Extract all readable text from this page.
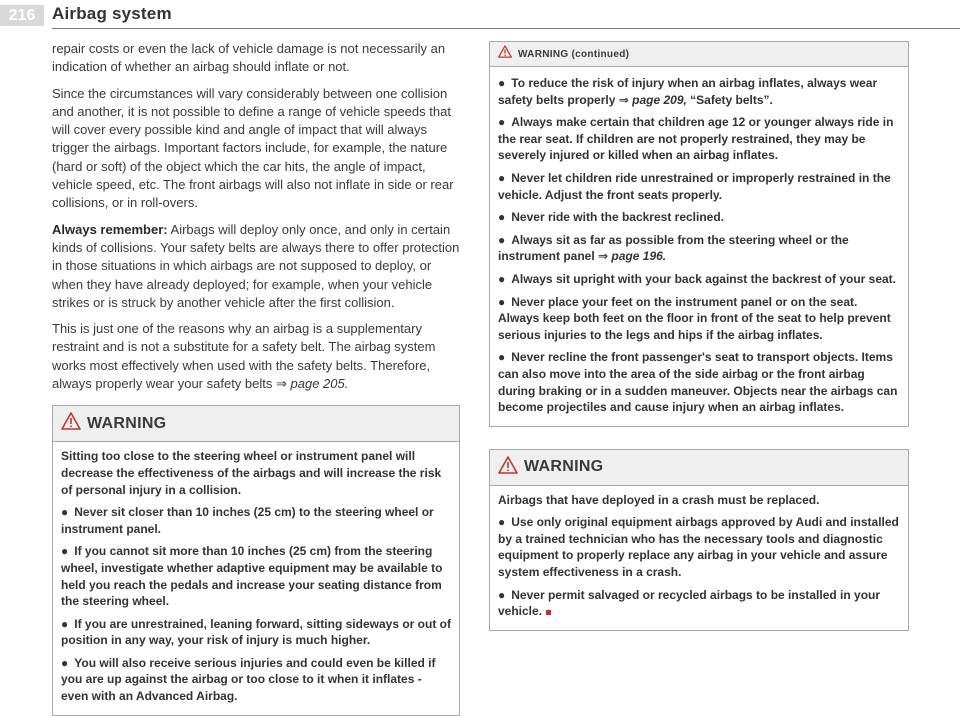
216 Airbag system

repair costs or even the lack of vehicle damage is not necessarily an indication of whether an airbag should inflate or not.

Since the circumstances will vary considerably between one collision and another, it is not possible to define a range of vehicle speeds that will cover every possible kind and angle of impact that will always trigger the airbags. Important factors include, for example, the nature (hard or soft) of the object which the car hits, the angle of impact, vehicle speed, etc. The front airbags will also not inflate in side or rear collisions, or in roll-overs.

Always remember: Airbags will deploy only once, and only in certain kinds of collisions. Your safety belts are always there to offer protection in those situations in which airbags are not supposed to deploy, or when they have already deployed; for example, when your vehicle strikes or is struck by another vehicle after the first collision.

This is just one of the reasons why an airbag is a supplementary restraint and is not a substitute for a safety belt. The airbag system works most effectively when used with the safety belts. Therefore, always properly wear your safety belts ⇒ page 205.

WARNING

Sitting too close to the steering wheel or instrument panel will decrease the effectiveness of the airbags and will increase the risk of personal injury in a collision.

● Never sit closer than 10 inches (25 cm) to the steering wheel or instrument panel.

● If you cannot sit more than 10 inches (25 cm) from the steering wheel, investigate whether adaptive equipment may be available to held you reach the pedals and increase your seating distance from the steering wheel.

● If you are unrestrained, leaning forward, sitting sideways or out of position in any way, your risk of injury is much higher.

● You will also receive serious injuries and could even be killed if you are up against the airbag or too close to it when it inflates - even with an Advanced Airbag.

WARNING (continued)

● To reduce the risk of injury when an airbag inflates, always wear safety belts properly ⇒ page 209, “Safety belts”.

● Always make certain that children age 12 or younger always ride in the rear seat. If children are not properly restrained, they may be severely injured or killed when an airbag inflates.

● Never let children ride unrestrained or improperly restrained in the vehicle. Adjust the front seats properly.

● Never ride with the backrest reclined.

● Always sit as far as possible from the steering wheel or the instrument panel ⇒ page 196.

● Always sit upright with your back against the backrest of your seat.

● Never place your feet on the instrument panel or on the seat. Always keep both feet on the floor in front of the seat to help prevent serious injuries to the legs and hips if the airbag inflates.

● Never recline the front passenger's seat to transport objects. Items can also move into the area of the side airbag or the front airbag during braking or in a sudden maneuver. Objects near the airbags can become projectiles and cause injury when an airbag inflates.

WARNING

Airbags that have deployed in a crash must be replaced.

● Use only original equipment airbags approved by Audi and installed by a trained technician who has the necessary tools and diagnostic equipment to properly replace any airbag in your vehicle and assure system effectiveness in a crash.

● Never permit salvaged or recycled airbags to be installed in your vehicle.
